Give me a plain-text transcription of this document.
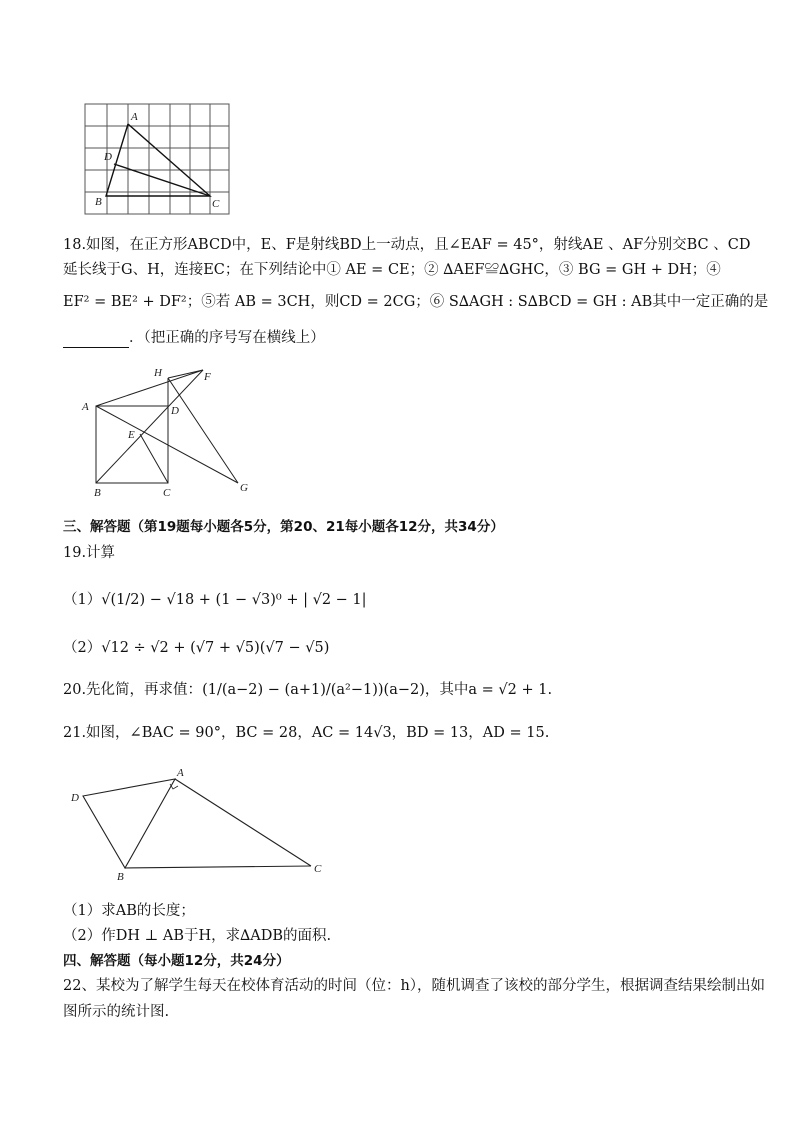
A
D
B	C
18.如图，在正方形ABCD中，E、F是射线BD上一动点，且∠EAF = 45°，射线AE 、AF分别交BC 、CD
延长线于G、H，连接EC；在下列结论中① AE = CE；② ∆AEF≌∆GHC，③ BG = GH + DH；④
EF² = BE² + DF²；⑤若 AB = 3CH，则CD = 2CG；⑥ S∆AGH : S∆BCD = GH : AB其中一定正确的是
．（把正确的序号写在横线上）
A
B	C
D
E
F
H
G
三、解答题（第19题每小题各5分，第20、21每小题各12分，共34分）
19.计算
（1）√(1/2) − √18 + (1 − √3)⁰ + | √2 − 1|
（2）√12 ÷ √2 + (√7 + √5)(√7 − √5)
20.先化简，再求值：(1/(a−2) − (a+1)/(a²−1))(a−2)，其中a = √2 + 1.
21.如图，∠BAC = 90°，BC = 28，AC = 14√3，BD = 13，AD = 15.
A
D
B
C
（1）求AB的长度；
（2）作DH ⊥ AB于H，求∆ADB的面积.
四、解答题（每小题12分，共24分）
22、某校为了解学生每天在校体育活动的时间（位：h），随机调查了该校的部分学生，根据调查结果绘制出如
图所示的统计图.
